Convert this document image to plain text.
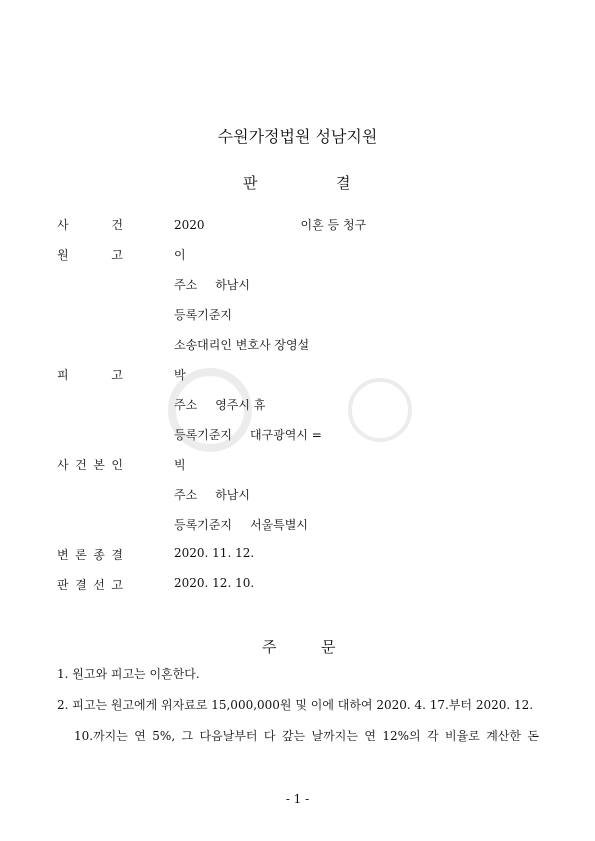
수원가정법원 성남지원
판	결
사	건	2020	이혼 등 청구
원	고	이
주소 하남시
등록기준지
소송대리인 변호사 장영설
피	고	박
주소 영주시 휴
등록기준지 대구광역시 =
사 건 본 인	빅
주소 하남시
등록기준지 서울특별시
변 론 종 결	2020. 11. 12.
판 결 선 고	2020. 12. 10.
주	문

1. 원고와 피고는 이혼한다.

2. 피고는 원고에게 위자료로 15,000,000원 및 이에 대하여 2020. 4. 17.부터 2020. 12.

10.까지는 연 5%, 그 다음날부터 다 갚는 날까지는 연 12%의 각 비율로 계산한 돈

- 1 -
